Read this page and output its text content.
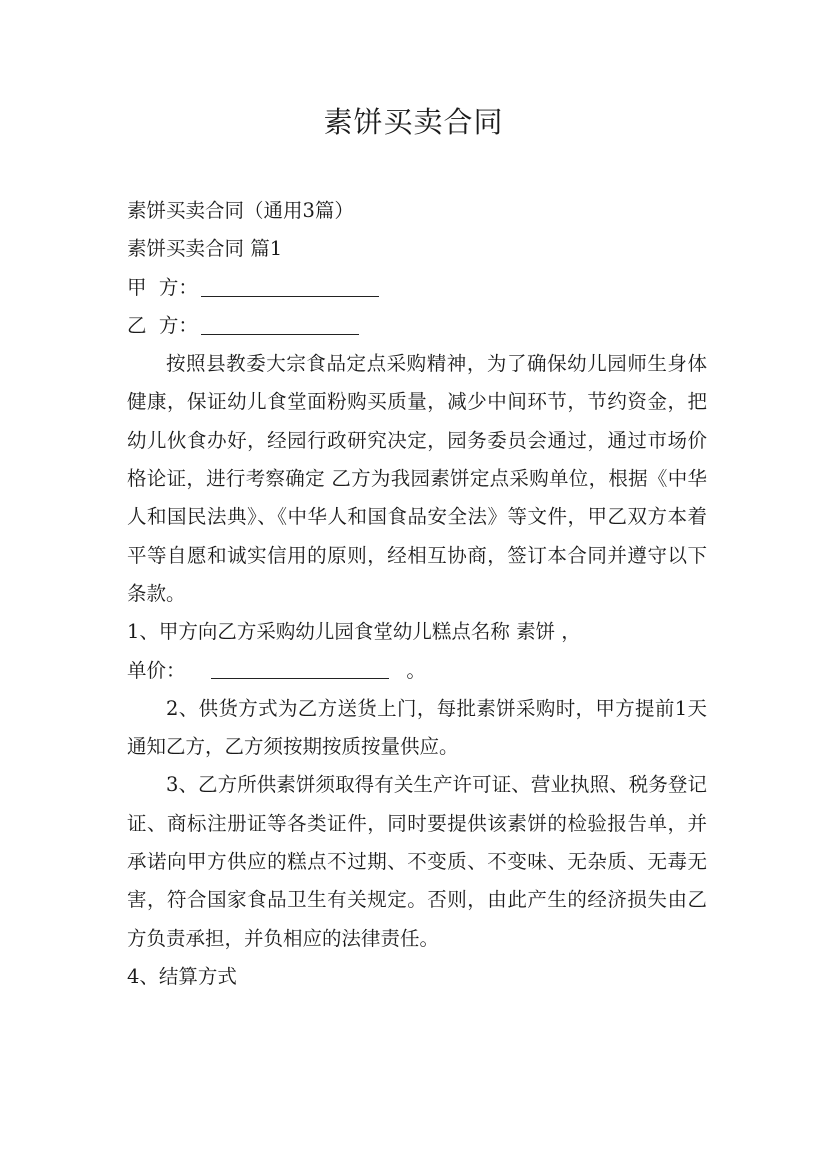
素饼买卖合同

素饼买卖合同（通用3篇）

素饼买卖合同 篇1

甲  方：

乙  方：

按照县教委大宗食品定点采购精神，为了确保幼儿园师生身体健康，保证幼儿食堂面粉购买质量，减少中间环节，节约资金，把幼儿伙食办好，经园行政研究决定，园务委员会通过，通过市场价格论证，进行考察确定 乙方为我园素饼定点采购单位，根据《中华人和国民法典》、《中华人和国食品安全法》等文件，甲乙双方本着平等自愿和诚实信用的原则，经相互协商，签订本合同并遵守以下条款。

1、甲方向乙方采购幼儿园食堂幼儿糕点名称 素饼 ，

单价：	。

2、供货方式为乙方送货上门，每批素饼采购时，甲方提前1天通知乙方，乙方须按期按质按量供应。

3、乙方所供素饼须取得有关生产许可证、营业执照、税务登记证、商标注册证等各类证件，同时要提供该素饼的检验报告单，并承诺向甲方供应的糕点不过期、不变质、不变味、无杂质、无毒无害，符合国家食品卫生有关规定。否则，由此产生的经济损失由乙方负责承担，并负相应的法律责任。

4、结算方式
